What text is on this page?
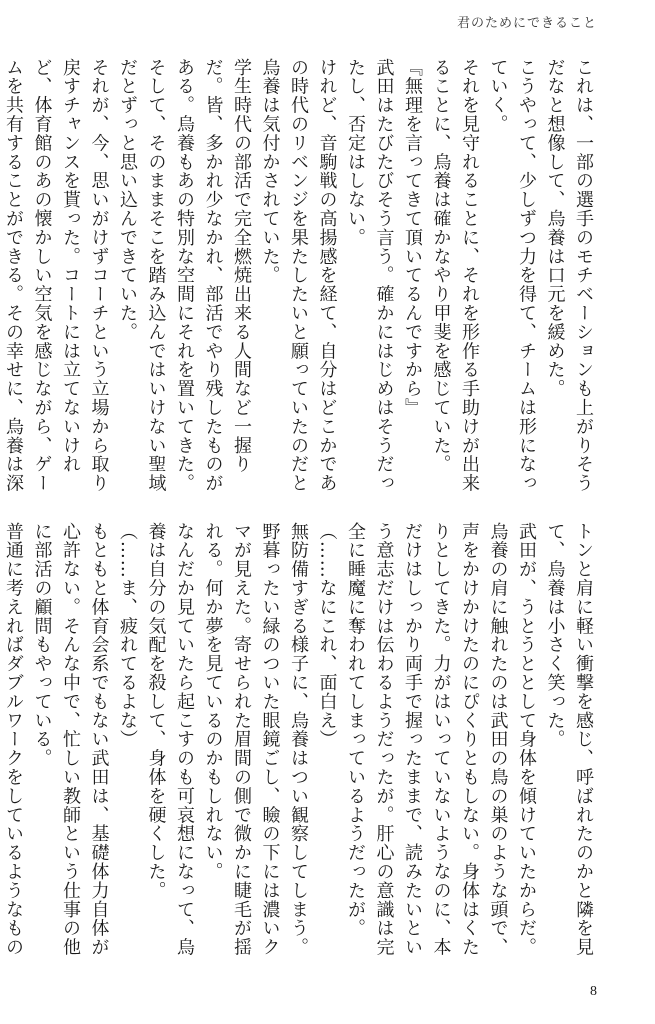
君のためにできること

これは、一部の選手のモチベーションも上がりそうだなと想像して、烏養は口元を緩めた。

こうやって、少しずつ力を得て、チームは形になっていく。

それを見守れることに、それを形作る手助けが出来ることに、烏養は確かなやり甲斐を感じていた。

『無理を言ってきて頂いてるんですから』

武田はたびたびそう言う。確かにはじめはそうだったし、否定はしない。

けれど、音駒戦の高揚感を経て、自分はどこかであの時代のリベンジを果たしたいと願っていたのだと烏養は気付かされていた。

学生時代の部活で完全燃焼出来る人間など一握りだ。皆、多かれ少なかれ、部活でやり残したものがある。烏養もあの特別な空間にそれを置いてきた。そして、そのままそこを踏み込んではいけない聖域だとずっと思い込んできていた。

それが、今、思いがけずコーチという立場から取り戻すチャンスを貰った。コートには立てないけれど、体育館のあの懐かしい空気を感じながら、ゲームを共有することができる。その幸せに、烏養は深

トンと肩に軽い衝撃を感じ、呼ばれたのかと隣を見て、烏養は小さく笑った。

武田が、うとうととして身体を傾けていたからだ。

烏養の肩に触れたのは武田の鳥の巣のような頭で、声をかけかけたのにぴくりともしない。身体はくたりとしてきた。力がはいっていないようなのに、本だけはしっかり両手で握ったままで、読みたいという意志だけは伝わるようだったが。肝心の意識は完全に睡魔に奪われてしまっているようだったが。

（……なにこれ、面白え）

無防備すぎる様子に、烏養はつい観察してしまう。

野暮ったい緑のついた眼鏡ごし、瞼の下には濃いクマが見えた。寄せられた眉間の側で微かに睫毛が揺れる。何か夢を見ているのかもしれない。

なんだか見ていたら起こすのも可哀想になって、烏養は自分の気配を殺して、身体を硬くした。

（……ま、疲れてるよな）

もともと体育会系でもない武田は、基礎体力自体が心許ない。そんな中で、忙しい教師という仕事の他に部活の顧問もやっている。

普通に考えればダブルワークをしているようなもの

8
